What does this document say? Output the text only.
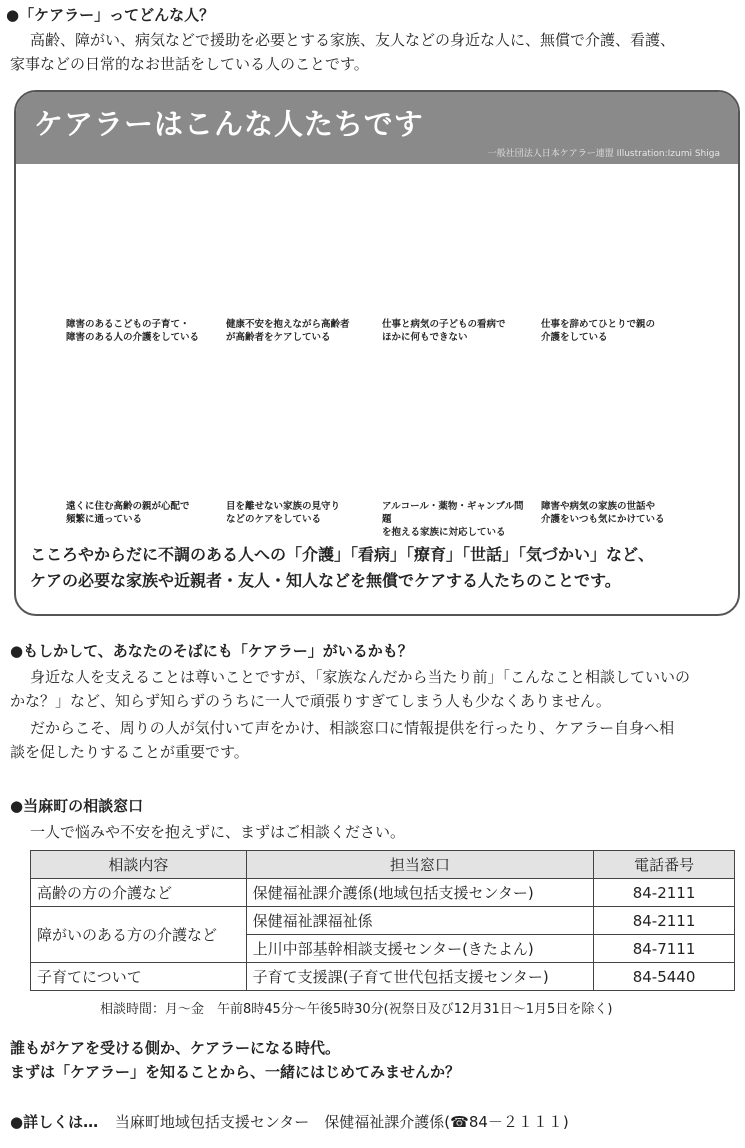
●「ケアラー」ってどんな人？
高齢、障がい、病気などで援助を必要とする家族、友人などの身近な人に、無償で介護、看護、
家事などの日常的なお世話をしている人のことです。
ケアラーはこんな人たちです
一般社団法人日本ケアラー連盟 Illustration:Izumi Shiga
障害のあるこどもの子育て・
障害のある人の介護をしている
健康不安を抱えながら高齢者
が高齢者をケアしている
仕事と病気の子どもの看病で
ほかに何もできない
仕事を辞めてひとりで親の
介護をしている
遠くに住む高齢の親が心配で
頻繁に通っている
目を離せない家族の見守り
などのケアをしている
アルコール・薬物・ギャンブル問題
を抱える家族に対応している
障害や病気の家族の世話や
介護をいつも気にかけている
こころやからだに不調のある人への「介護」「看病」「療育」「世話」「気づかい」など、
ケアの必要な家族や近親者・友人・知人などを無償でケアする人たちのことです。
●もしかして、あなたのそばにも「ケアラー」がいるかも？
身近な人を支えることは尊いことですが、「家族なんだから当たり前」「こんなこと相談していいの
かな？」など、知らず知らずのうちに一人で頑張りすぎてしまう人も少なくありません。
だからこそ、周りの人が気付いて声をかけ、相談窓口に情報提供を行ったり、ケアラー自身へ相
談を促したりすることが重要です。
●当麻町の相談窓口
一人で悩みや不安を抱えずに、まずはご相談ください。
相談内容	担当窓口	電話番号
高齢の方の介護など	保健福祉課介護係(地域包括支援センター)	84-2111
障がいのある方の介護など	保健福祉課福祉係	84-2111
	上川中部基幹相談支援センター(きたよん)	84-7111
子育てについて	子育て支援課(子育て世代包括支援センター)	84-5440
相談時間：月～金　午前8時45分～午後5時30分(祝祭日及び12月31日～1月5日を除く)
誰もがケアを受ける側か、ケアラーになる時代。
まずは「ケアラー」を知ることから、一緒にはじめてみませんか？
●詳しくは… 当麻町地域包括支援センター　保健福祉課介護係(☎84－２１１１)
